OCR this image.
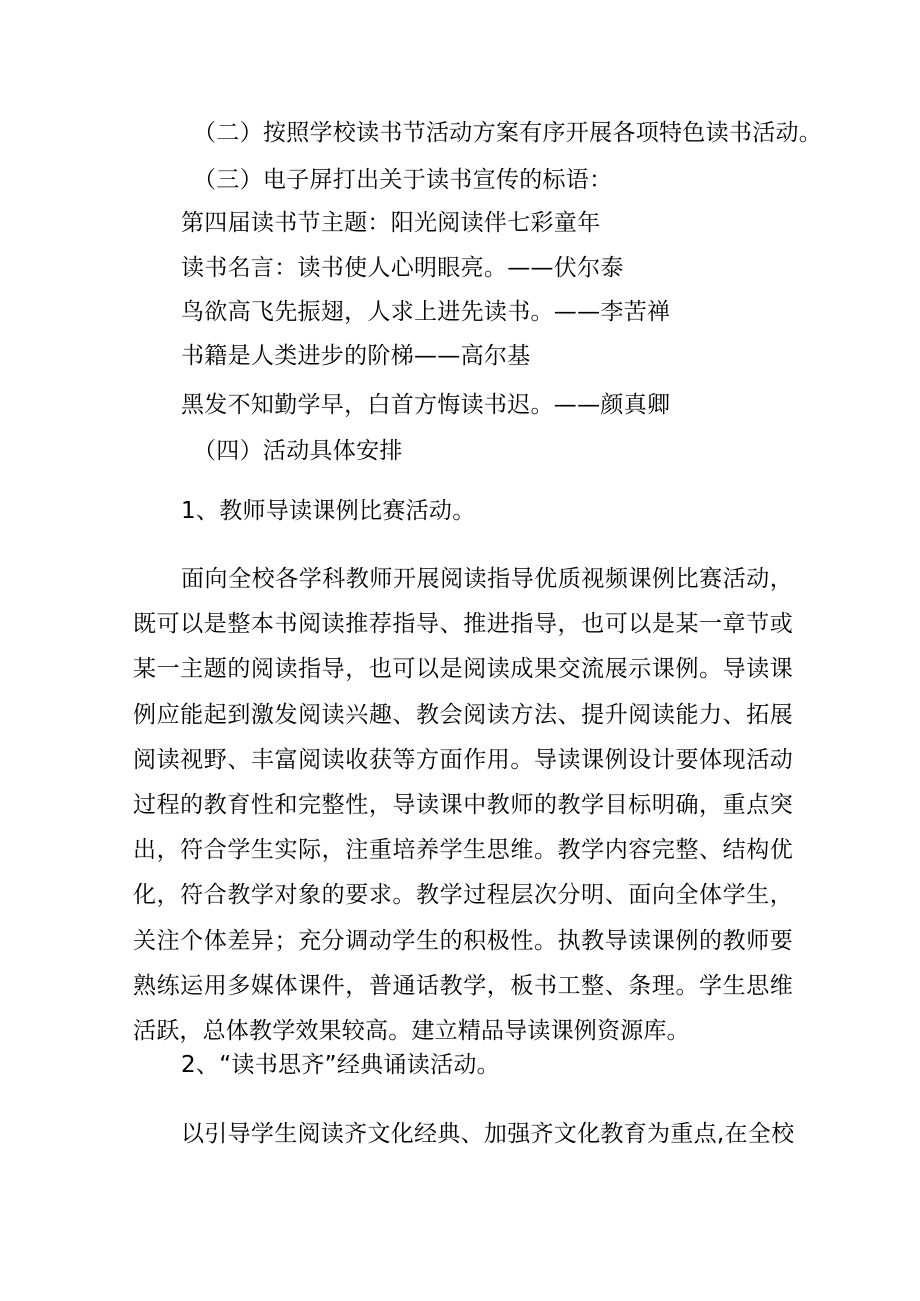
（二）按照学校读书节活动方案有序开展各项特色读书活动。
（三）电子屏打出关于读书宣传的标语：
第四届读书节主题：阳光阅读伴七彩童年
读书名言：读书使人心明眼亮。——伏尔泰
鸟欲高飞先振翅，人求上进先读书。——李苦禅
书籍是人类进步的阶梯——高尔基
黑发不知勤学早，白首方悔读书迟。——颜真卿
（四）活动具体安排
1、教师导读课例比赛活动。
面向全校各学科教师开展阅读指导优质视频课例比赛活动，既可以是整本书阅读推荐指导、推进指导，也可以是某一章节或某一主题的阅读指导，也可以是阅读成果交流展示课例。导读课例应能起到激发阅读兴趣、教会阅读方法、提升阅读能力、拓展阅读视野、丰富阅读收获等方面作用。导读课例设计要体现活动过程的教育性和完整性，导读课中教师的教学目标明确，重点突出，符合学生实际，注重培养学生思维。教学内容完整、结构优化，符合教学对象的要求。教学过程层次分明、面向全体学生，关注个体差异；充分调动学生的积极性。执教导读课例的教师要熟练运用多媒体课件，普通话教学，板书工整、条理。学生思维活跃，总体教学效果较高。建立精品导读课例资源库。
2、“读书思齐”经典诵读活动。
以引导学生阅读齐文化经典、加强齐文化教育为重点,在全校
